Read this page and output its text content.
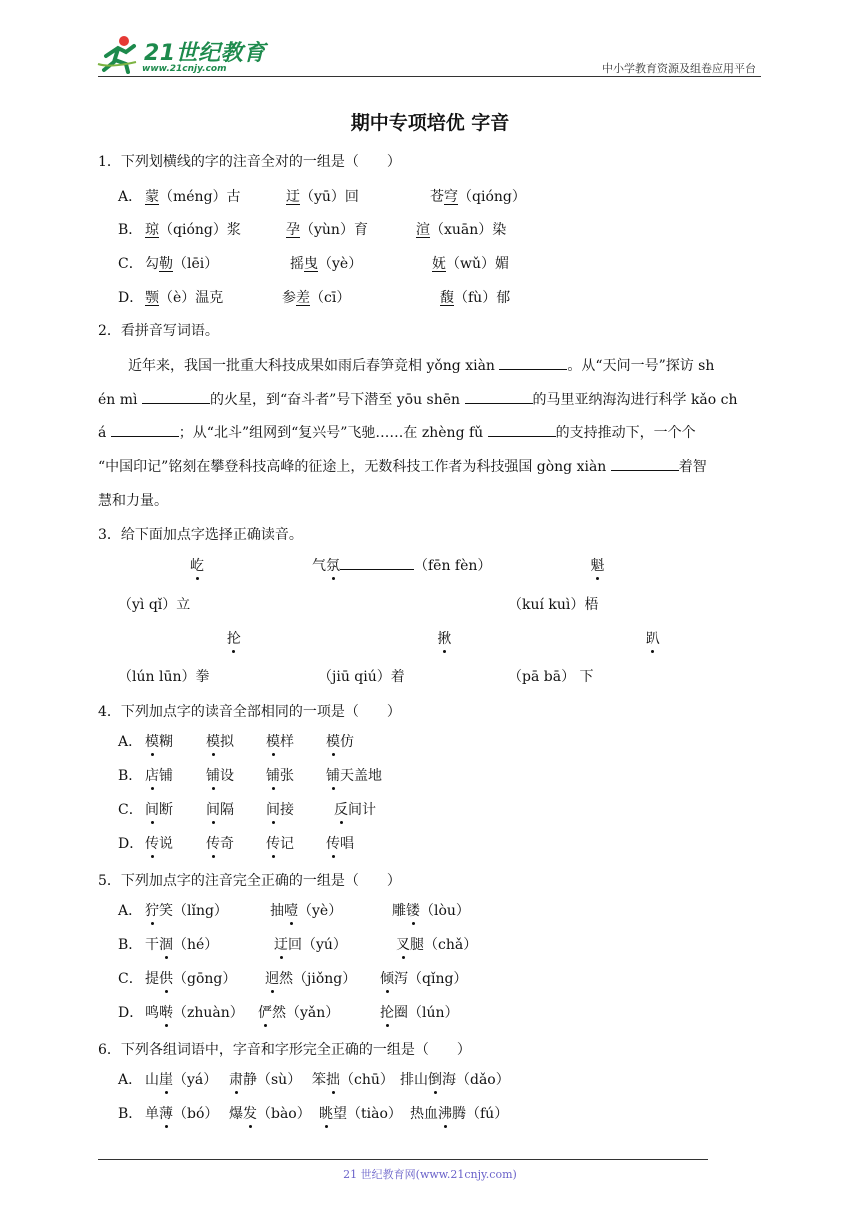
21世纪教育
www.21cnjy.com	中小学教育资源及组卷应用平台
期中专项培优 字音
1．下列划横线的字的注音全对的一组是（　　）
A． 蒙（méng）古	迂（yū）回	苍穹（qióng）
B． 琼（qióng）浆	孕（yùn）育	渲（xuān）染
C． 勾勒（lēi）	摇曳（yè）	妩（wǔ）媚
D． 颚（è）温克	参差（cī）	馥（fù）郁
2．看拼音写词语。
近年来，我国一批重大科技成果如雨后春笋竞相 yǒng xiàn	。从“天问一号”探访 sh
én mì	的火星，到“奋斗者”号下潜至 yōu shēn	的马里亚纳海沟进行科学 kǎo ch
á	；从“北斗”组网到“复兴号”飞驰……在 zhèng fǔ	的支持推动下，一个个
“中国印记”铭刻在攀登科技高峰的征途上，无数科技工作者为科技强国 gòng xiàn	着智
慧和力量。
3．给下面加点字选择正确读音。
屹	气氛	（fēn fèn）	魁
（yì qǐ）立	（kuí kuì）梧
抡	揪	趴
（lún lūn）拳	（jiū qiú）着	（pā bā） 下
4．下列加点字的读音全部相同的一项是（　　）
A． 模糊 模拟 模样 模仿
B． 店铺 铺设 铺张 铺天盖地
C． 间断 间隔 间接	反间计
D． 传说 传奇 传记 传唱
5．下列加点字的注音完全正确的一组是（　　）
A． 狞笑（lǐng）	抽噎（yè）	雕镂（lòu）
B． 干涸（hé）	迂回（yú）	叉腿（chǎ）
C． 提供（gōng） 迥然（jiǒng） 倾泻（qǐng）
D． 鸣啭（zhuàn） 俨然（yǎn）	抡圈（lún）
6．下列各组词语中，字音和字形完全正确的一组是（　　）
A． 山崖（yá） 肃静（sù） 笨拙（chū） 排山倒海（dǎo）
B． 单薄（bó） 爆发（bào） 眺望（tiào） 热血沸腾（fú）
21 世纪教育网(www.21cnjy.com)
